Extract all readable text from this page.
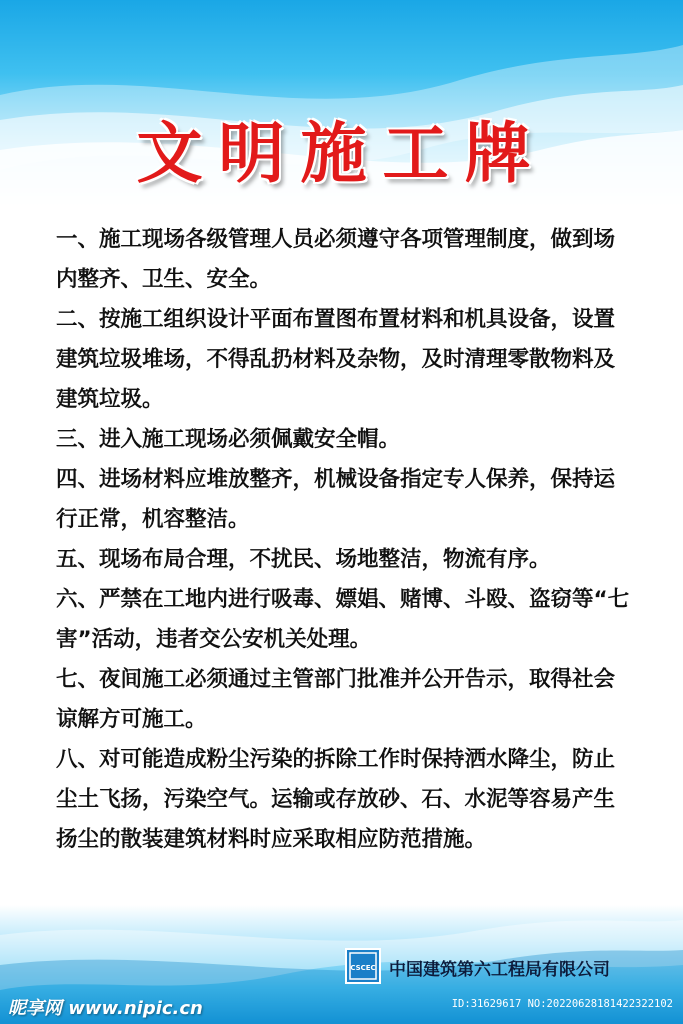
文明施工牌

一、施工现场各级管理人员必须遵守各项管理制度，做到场内整齐、卫生、安全。

二、按施工组织设计平面布置图布置材料和机具设备，设置建筑垃圾堆场，不得乱扔材料及杂物，及时清理零散物料及建筑垃圾。

三、进入施工现场必须佩戴安全帽。

四、进场材料应堆放整齐，机械设备指定专人保养，保持运行正常，机容整洁。

五、现场布局合理，不扰民、场地整洁，物流有序。

六、严禁在工地内进行吸毒、嫖娼、赌博、斗殴、盗窃等“七害”活动，违者交公安机关处理。

七、夜间施工必须通过主管部门批准并公开告示，取得社会谅解方可施工。

八、对可能造成粉尘污染的拆除工作时保持洒水降尘，防止尘土飞扬，污染空气。运输或存放砂、石、水泥等容易产生扬尘的散装建筑材料时应采取相应防范措施。

CSCEC 中国建筑第六工程局有限公司
昵享网 www.nipic.cn	ID:31629617 NO:20220628181422322102
